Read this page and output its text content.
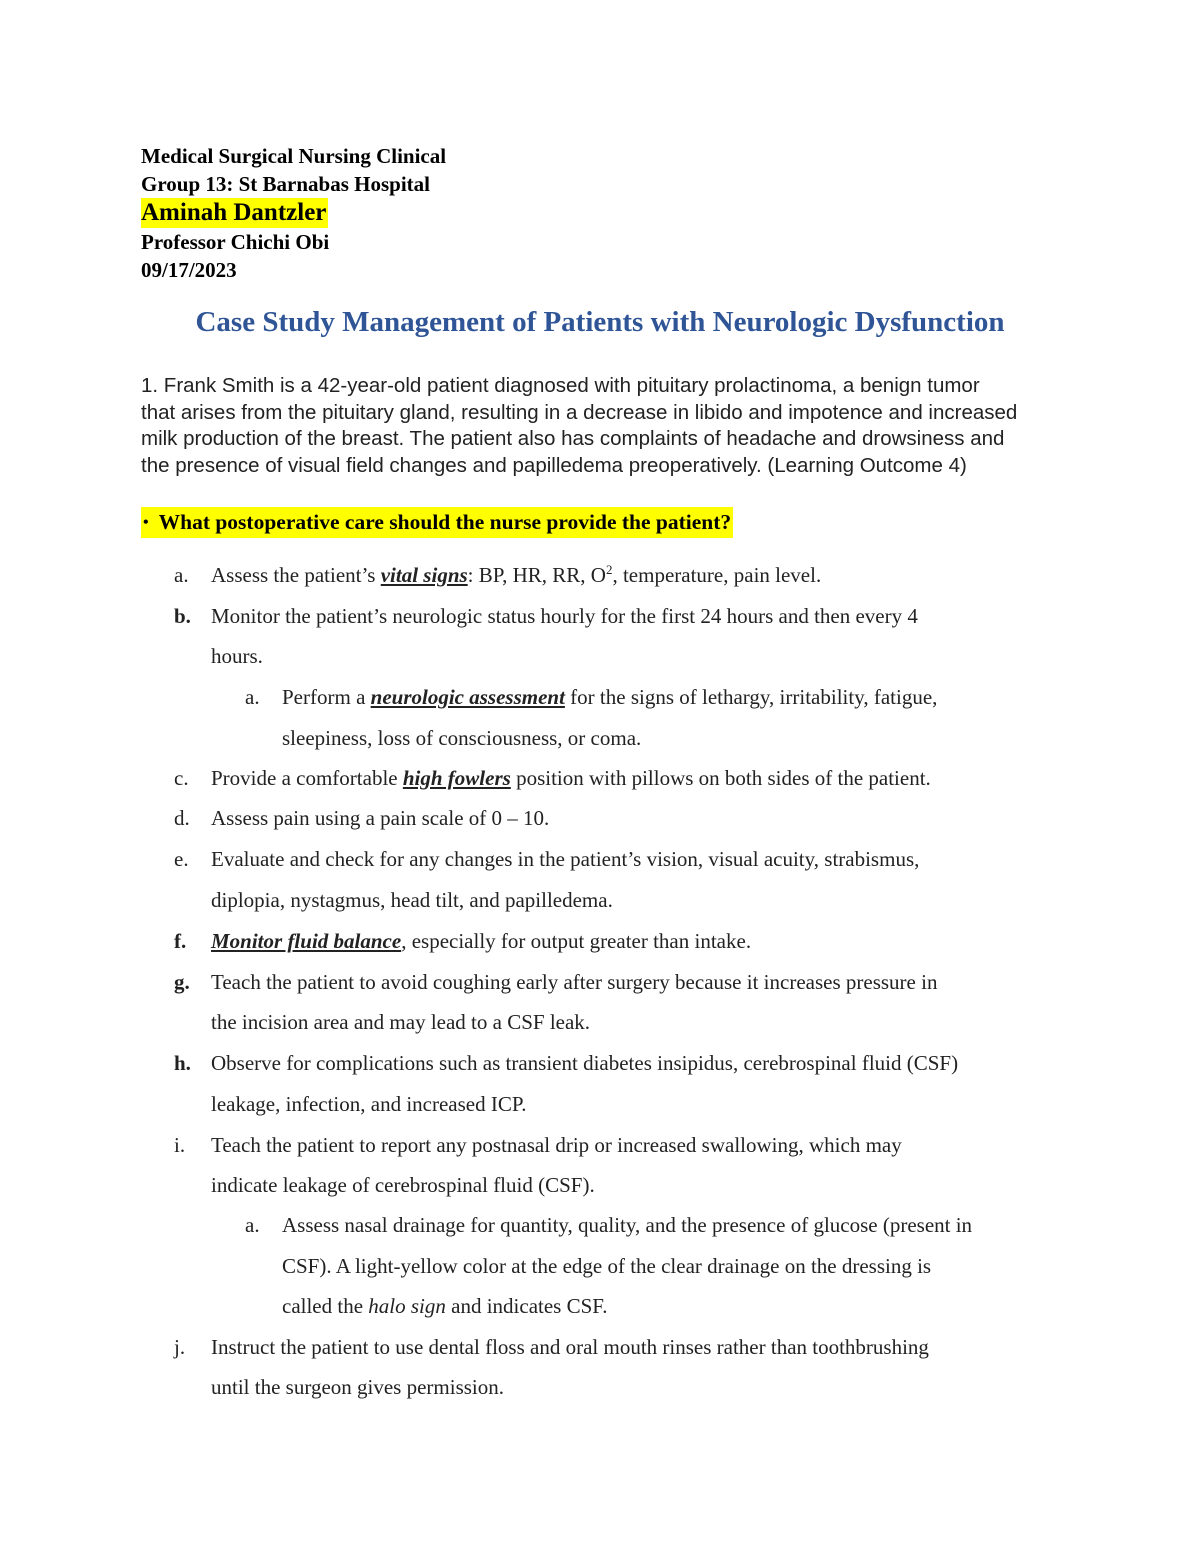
Medical Surgical Nursing Clinical
Group 13: St Barnabas Hospital
Aminah Dantzler
Professor Chichi Obi
09/17/2023
Case Study Management of Patients with Neurologic Dysfunction
1. Frank Smith is a 42-year-old patient diagnosed with pituitary prolactinoma, a benign tumor
that arises from the pituitary gland, resulting in a decrease in libido and impotence and increased
milk production of the breast. The patient also has complaints of headache and drowsiness and
the presence of visual field changes and papilledema preoperatively. (Learning Outcome 4)
• What postoperative care should the nurse provide the patient?
a.	Assess the patient’s vital signs: BP, HR, RR, $O^2$, temperature, pain level.
b. Monitor the patient’s neurologic status hourly for the first 24 hours and then every 4
hours.
a.	Perform a neurologic assessment for the signs of lethargy, irritability, fatigue,
sleepiness, loss of consciousness, or coma.
c.	Provide a comfortable high fowlers position with pillows on both sides of the patient.
d.	Assess pain using a pain scale of 0 – 10.
e.	Evaluate and check for any changes in the patient’s vision, visual acuity, strabismus,
diplopia, nystagmus, head tilt, and papilledema.
f.	Monitor fluid balance, especially for output greater than intake.
g.	Teach the patient to avoid coughing early after surgery because it increases pressure in
the incision area and may lead to a CSF leak.
h. Observe for complications such as transient diabetes insipidus, cerebrospinal fluid (CSF)
leakage, infection, and increased ICP.
i.	Teach the patient to report any postnasal drip or increased swallowing, which may
indicate leakage of cerebrospinal fluid (CSF).
a.	Assess nasal drainage for quantity, quality, and the presence of glucose (present in
CSF). A light-yellow color at the edge of the clear drainage on the dressing is
called the halo sign and indicates CSF.
j.	Instruct the patient to use dental floss and oral mouth rinses rather than toothbrushing
until the surgeon gives permission.
